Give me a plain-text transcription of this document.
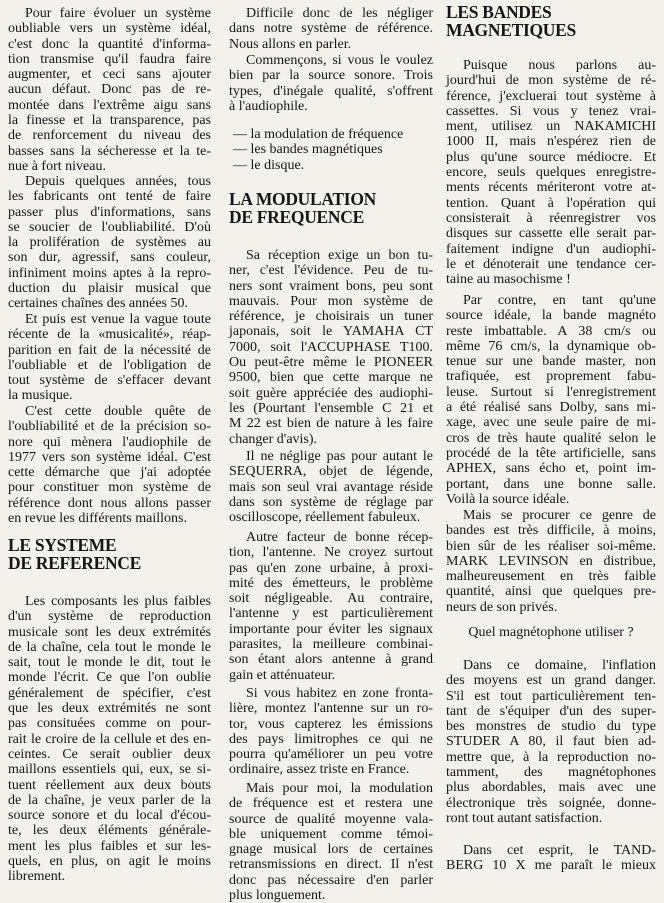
Pour faire évoluer un système
oubliable vers un système idéal,
c'est donc la quantité d'informa-
tion transmise qu'il faudra faire
augmenter, et ceci sans ajouter
aucun défaut. Donc pas de re-
montée dans l'extrême aigu sans
la finesse et la transparence, pas
de renforcement du niveau des
basses sans la sécheresse et la te-
nue à fort niveau.
Depuis quelques années, tous
les fabricants ont tenté de faire
passer plus d'informations, sans
se soucier de l'oubliabilité. D'où
la prolifération de systèmes au
son dur, agressif, sans couleur,
infiniment moins aptes à la repro-
duction du plaisir musical que
certaines chaînes des années 50.
Et puis est venue la vague toute
récente de la «musicalité», réap-
parition en fait de la nécessité de
l'oubliable et de l'obligation de
tout système de s'effacer devant
la musique.
C'est cette double quête de
l'oubliabilité et de la précision so-
nore qui mènera l'audiophile de
1977 vers son système idéal. C'est
cette démarche que j'ai adoptée
pour constituer mon système de
référence dont nous allons passer
en revue les différents maillons.
LE SYSTEME
DE REFERENCE
Les composants les plus faibles
d'un système de reproduction
musicale sont les deux extrémités
de la chaîne, cela tout le monde le
sait, tout le monde le dit, tout le
monde l'écrit. Ce que l'on oublie
généralement de spécifier, c'est
que les deux extrémités ne sont
pas consituées comme on pour-
rait le croire de la cellule et des en-
ceintes. Ce serait oublier deux
maillons essentiels qui, eux, se si-
tuent réellement aux deux bouts
de la chaîne, je veux parler de la
source sonore et du local d'écou-
te, les deux éléments générale-
ment les plus faibles et sur les-
quels, en plus, on agit le moins
librement.
Difficile donc de les négliger
dans notre système de référence.
Nous allons en parler.
Commençons, si vous le voulez
bien par la source sonore. Trois
types, d'inégale qualité, s'offrent
à l'audiophile.
— la modulation de fréquence
— les bandes magnétiques
— le disque.
LA MODULATION
DE FREQUENCE
Sa réception exige un bon tu-
ner, c'est l'évidence. Peu de tu-
ners sont vraiment bons, peu sont
mauvais. Pour mon système de
référence, je choisirais un tuner
japonais, soit le YAMAHA CT
7000, soit l'ACCUPHASE T100.
Ou peut-être même le PIONEER
9500, bien que cette marque ne
soit guère appréciée des audiophi-
les (Pourtant l'ensemble C 21 et
M 22 est bien de nature à les faire
changer d'avis).
Il ne néglige pas pour autant le
SEQUERRA, objet de légende,
mais son seul vrai avantage réside
dans son système de réglage par
oscilloscope, réellement fabuleux.
Autre facteur de bonne récep-
tion, l'antenne. Ne croyez surtout
pas qu'en zone urbaine, à proxi-
mité des émetteurs, le problème
soit négligeable. Au contraire,
l'antenne y est particulièrement
importante pour éviter les signaux
parasites, la meilleure combinai-
son étant alors antenne à grand
gain et atténuateur.
Si vous habitez en zone fronta-
lière, montez l'antenne sur un ro-
tor, vous capterez les émissions
des pays limitrophes ce qui ne
pourra qu'améliorer un peu votre
ordinaire, assez triste en France.
Mais pour moi, la modulation
de fréquence est et restera une
source de qualité moyenne vala-
ble uniquement comme témoi-
gnage musical lors de certaines
retransmissions en direct. Il n'est
donc pas nécessaire d'en parler
plus longuement.
LES BANDES
MAGNETIQUES
Puisque nous parlons au-
jourd'hui de mon système de ré-
férence, j'excluerai tout système à
cassettes. Si vous y tenez vrai-
ment, utilisez un NAKAMICHI
1000 II, mais n'espérez rien de
plus qu'une source médiocre. Et
encore, seuls quelques enregistre-
ments récents mériteront votre at-
tention. Quant à l'opération qui
consisterait à réenregistrer vos
disques sur cassette elle serait par-
faitement indigne d'un audiophi-
le et dénoterait une tendance cer-
taine au masochisme !
Par contre, en tant qu'une
source idéale, la bande magnéto
reste imbattable. A 38 cm/s ou
même 76 cm/s, la dynamique ob-
tenue sur une bande master, non
trafiquée, est proprement fabu-
leuse. Surtout si l'enregistrement
a été réalisé sans Dolby, sans mi-
xage, avec une seule paire de mi-
cros de très haute qualité selon le
procédé de la tête artificielle, sans
APHEX, sans écho et, point im-
portant, dans une bonne salle.
Voilà la source idéale.
Mais se procurer ce genre de
bandes est très difficile, à moins,
bien sûr de les réaliser soi-même.
MARK LEVINSON en distribue,
malheureusement en très faible
quantité, ainsi que quelques pre-
neurs de son privés.
Quel magnétophone utiliser ?
Dans ce domaine, l'inflation
des moyens est un grand danger.
S'il est tout particulièrement ten-
tant de s'équiper d'un des super-
bes monstres de studio du type
STUDER A 80, il faut bien ad-
mettre que, à la reproduction no-
tamment, des magnétophones
plus abordables, mais avec une
électronique très soignée, donne-
ront tout autant satisfaction.
Dans cet esprit, le TAND-
BERG 10 X me paraît le mieux
